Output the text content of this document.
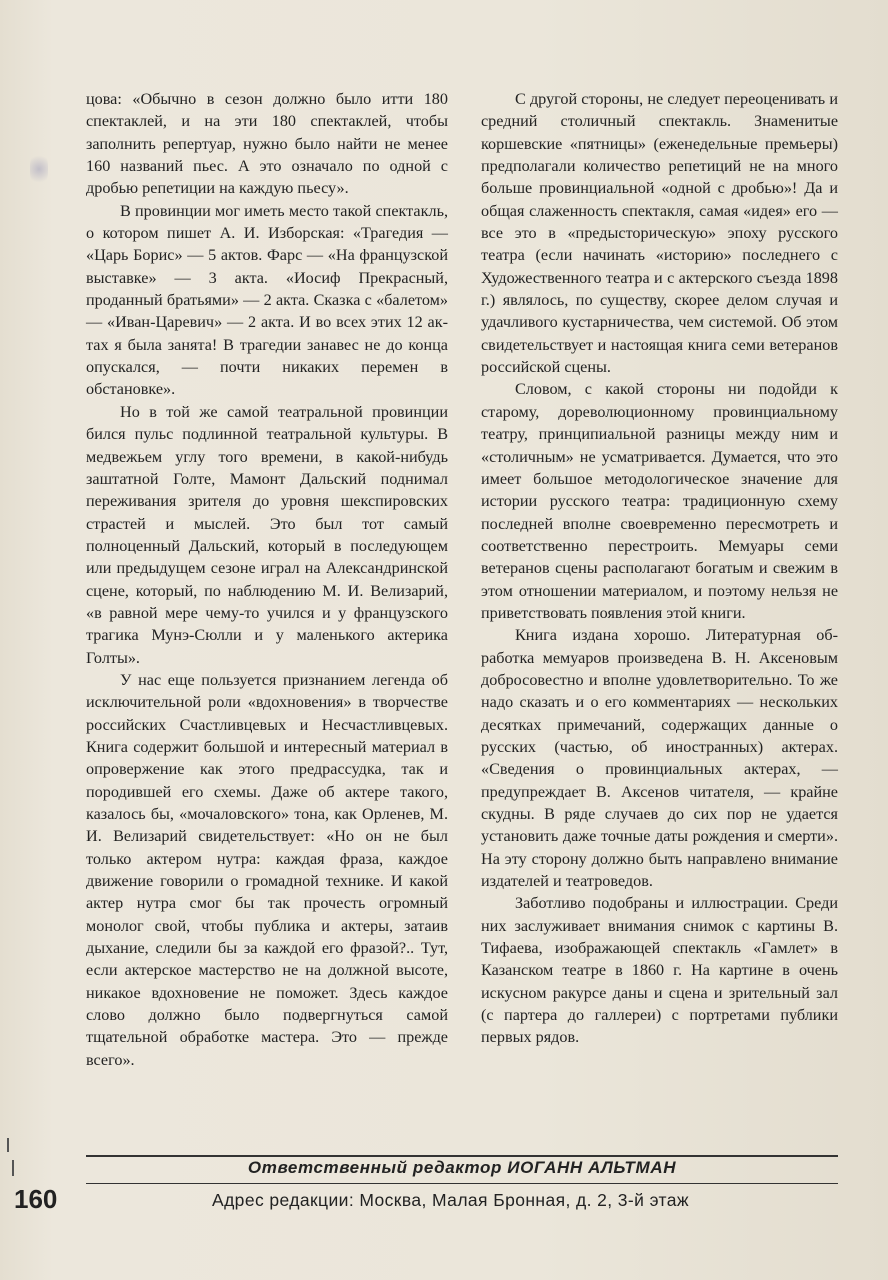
цова: «Обычно в сезон должно было итти 180 спектаклей, и на эти 180 спектаклей, чтобы заполнить репертуар, нужно было найти не менее 160 названий пьес. А это означало по одной с дробью репетиции на каждую пьесу».

В провинции мог иметь место такой спектакль, о котором пишет А. И. Изборская: «Трагедия — «Царь Борис» — 5 актов. Фарс — «На французской выставке» — 3 акта. «Иосиф Прекрасный, проданный братьями» — 2 акта. Сказка с «балетом» — «Иван-Царевич» — 2 акта. И во всех этих 12 актах я была занята! В трагедии занавес не до конца опускался, — почти никаких перемен в обстановке».

Но в той же самой театральной провинции бился пульс подлинной театральной культуры. В медвежьем углу того времени, в какой-нибудь заштатной Голте, Мамонт Дальский поднимал переживания зрителя до уровня шекспировских страстей и мыслей. Это был тот самый полноценный Дальский, который в последующем или предыдущем сезоне играл на Александринской сцене, который, по наблюдению М. И. Велизарий, «в равной мере чему-то учился и у французского трагика Мунэ-Сюлли и у маленького актерика Голты».

У нас еще пользуется признанием легенда об исключительной роли «вдохновения» в творчестве российских Счастливцевых и Несчастливцевых. Книга содержит большой и интересный материал в опровержение как этого предрассудка, так и породившей его схемы. Даже об актере такого, казалось бы, «мочаловского» тона, как Орленев, М. И. Велизарий свидетельствует: «Но он не был только актером нутра: каждая фраза, каждое движение говорили о громадной технике. И какой актер нутра смог бы так прочесть огромный монолог свой, чтобы публика и актеры, затаив дыхание, следили бы за каждой его фразой?.. Тут, если актерское мастерство не на должной высоте, никакое вдохновение не поможет. Здесь каждое слово должно было подвергнуться самой тщательной обработке мастера. Это — прежде всего».

С другой стороны, не следует переоценивать и средний столичный спектакль. Знаменитые коршевские «пятницы» (еженедельные премьеры) предполагали количество репетиций не на много больше провинциальной «одной с дробью»! Да и общая слаженность спектакля, самая «идея» его — все это в «предысторическую» эпоху русского театра (если начинать «историю» последнего с Художественного театра и с актерского съезда 1898 г.) являлось, по существу, скорее делом случая и удачливого кустарничества, чем системой. Об этом свидетельствует и настоящая книга семи ветеранов российской сцены.

Словом, с какой стороны ни подойди к старому, дореволюционному провинциальному театру, принципиальной разницы между ним и «столичным» не усматривается. Думается, что это имеет большое методологическое значение для истории русского театра: традиционную схему последней вполне своевременно пересмотреть и соответственно перестроить. Мемуары семи ветеранов сцены располагают богатым и свежим в этом отношении материалом, и поэтому нельзя не приветствовать появления этой книги.

Книга издана хорошо. Литературная обработка мемуаров произведена В. Н. Аксеновым добросовестно и вполне удовлетворительно. То же надо сказать и о его комментариях — нескольких десятках примечаний, содержащих данные о русских (частью, об иностранных) актерах. «Сведения о провинциальных актерах, — предупреждает В. Аксенов читателя, — крайне скудны. В ряде случаев до сих пор не удается установить даже точные даты рождения и смерти». На эту сторону должно быть направлено внимание издателей и театроведов.

Заботливо подобраны и иллюстрации. Среди них заслуживает внимания снимок с картины В. Тифаева, изображающей спектакль «Гамлет» в Казанском театре в 1860 г. На картине в очень искусном ракурсе даны и сцена и зрительный зал (с партера до галлереи) с портретами публики первых рядов.

Ответственный редактор ИОГАНН АЛЬТМАН
160	Адрес редакции: Москва, Малая Бронная, д. 2, 3-й этаж
